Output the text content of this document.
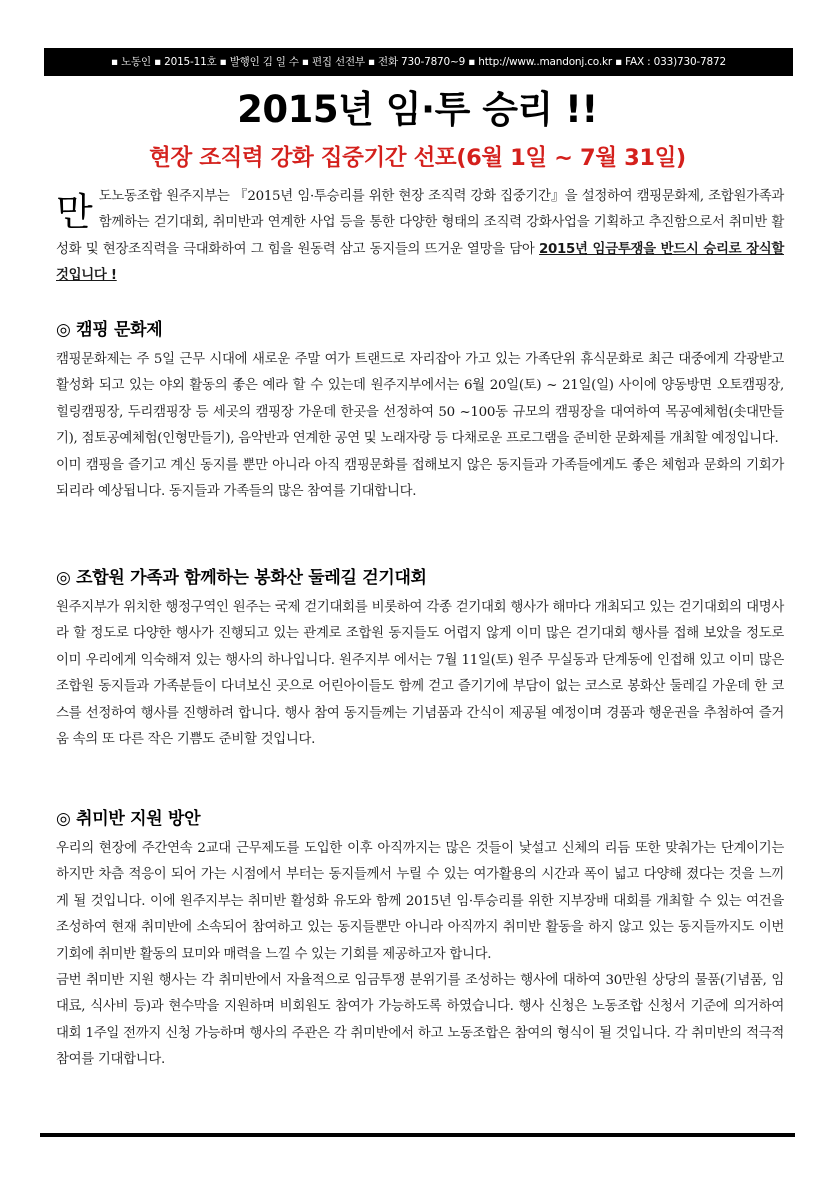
▪ 노동인 ▪ 2015-11호 ▪ 발행인 김 일 수 ▪ 편집 선전부 ▪ 전화 730-7870~9 ▪ http://www..mandonj.co.kr ▪ FAX : 033)730-7872
2015년 임·투 승리 !!
현장 조직력 강화 집중기간 선포(6월 1일 ~ 7월 31일)
만 도노동조합 원주지부는 『2015년 임·투승리를 위한 현장 조직력 강화 집중기간』을 설정하여 캠핑문화제, 조합원가족과 함께하는 걷기대회, 취미반과 연계한 사업 등을 통한 다양한 형태의 조직력 강화사업을 기획하고 추진함으로서 취미반 활성화 및 현장조직력을 극대화하여 그 힘을 원동력 삼고 동지들의 뜨거운 열망을 담아 2015년 임금투쟁을 반드시 승리로 장식할 것입니다 !

◎ 캠핑 문화제

캠핑문화제는 주 5일 근무 시대에 새로운 주말 여가 트랜드로 자리잡아 가고 있는 가족단위 휴식문화로 최근 대중에게 각광받고 활성화 되고 있는 야외 활동의 좋은 예라 할 수 있는데 원주지부에서는 6월 20일(토) ~ 21일(일) 사이에 양동방면 오토캠핑장, 힐링캠핑장, 두리캠핑장 등 세곳의 캠핑장 가운데 한곳을 선정하여 50 ~100동 규모의 캠핑장을 대여하여 목공예체험(솟대만들기), 점토공예체험(인형만들기), 음악반과 연계한 공연 및 노래자랑 등 다채로운 프로그램을 준비한 문화제를 개최할 예정입니다.

이미 캠핑을 즐기고 계신 동지를 뿐만 아니라 아직 캠핑문화를 접해보지 않은 동지들과 가족들에게도 좋은 체험과 문화의 기회가 되리라 예상됩니다. 동지들과 가족들의 많은 참여를 기대합니다.

◎ 조합원 가족과 함께하는 봉화산 둘레길 걷기대회

원주지부가 위치한 행정구역인 원주는 국제 걷기대회를 비롯하여 각종 걷기대회 행사가 해마다 개최되고 있는 걷기대회의 대명사라 할 정도로 다양한 행사가 진행되고 있는 관계로 조합원 동지들도 어렵지 않게 이미 많은 걷기대회 행사를 접해 보았을 정도로 이미 우리에게 익숙해져 있는 행사의 하나입니다. 원주지부 에서는 7월 11일(토) 원주 무실동과 단계동에 인접해 있고 이미 많은 조합원 동지들과 가족분들이 다녀보신 곳으로 어린아이들도 함께 걷고 즐기기에 부담이 없는 코스로 봉화산 둘레길 가운데 한 코스를 선정하여 행사를 진행하려 합니다. 행사 참여 동지들께는 기념품과 간식이 제공될 예정이며 경품과 행운권을 추첨하여 즐거움 속의 또 다른 작은 기쁨도 준비할 것입니다.

◎ 취미반 지원 방안

우리의 현장에 주간연속 2교대 근무제도를 도입한 이후 아직까지는 많은 것들이 낯설고 신체의 리듬 또한 맞춰가는 단계이기는 하지만 차츰 적응이 되어 가는 시점에서 부터는 동지들께서 누릴 수 있는 여가활용의 시간과 폭이 넓고 다양해 졌다는 것을 느끼게 될 것입니다. 이에 원주지부는 취미반 활성화 유도와 함께 2015년 임·투승리를 위한 지부장배 대회를 개최할 수 있는 여건을 조성하여 현재 취미반에 소속되어 참여하고 있는 동지들뿐만 아니라 아직까지 취미반 활동을 하지 않고 있는 동지들까지도 이번 기회에 취미반 활동의 묘미와 매력을 느낄 수 있는 기회를 제공하고자 합니다.

금번 취미반 지원 행사는 각 취미반에서 자율적으로 임금투쟁 분위기를 조성하는 행사에 대하여 30만원 상당의 물품(기념품, 임대료, 식사비 등)과 현수막을 지원하며 비회원도 참여가 가능하도록 하였습니다. 행사 신청은 노동조합 신청서 기준에 의거하여 대회 1주일 전까지 신청 가능하며 행사의 주관은 각 취미반에서 하고 노동조합은 참여의 형식이 될 것입니다. 각 취미반의 적극적 참여를 기대합니다.
